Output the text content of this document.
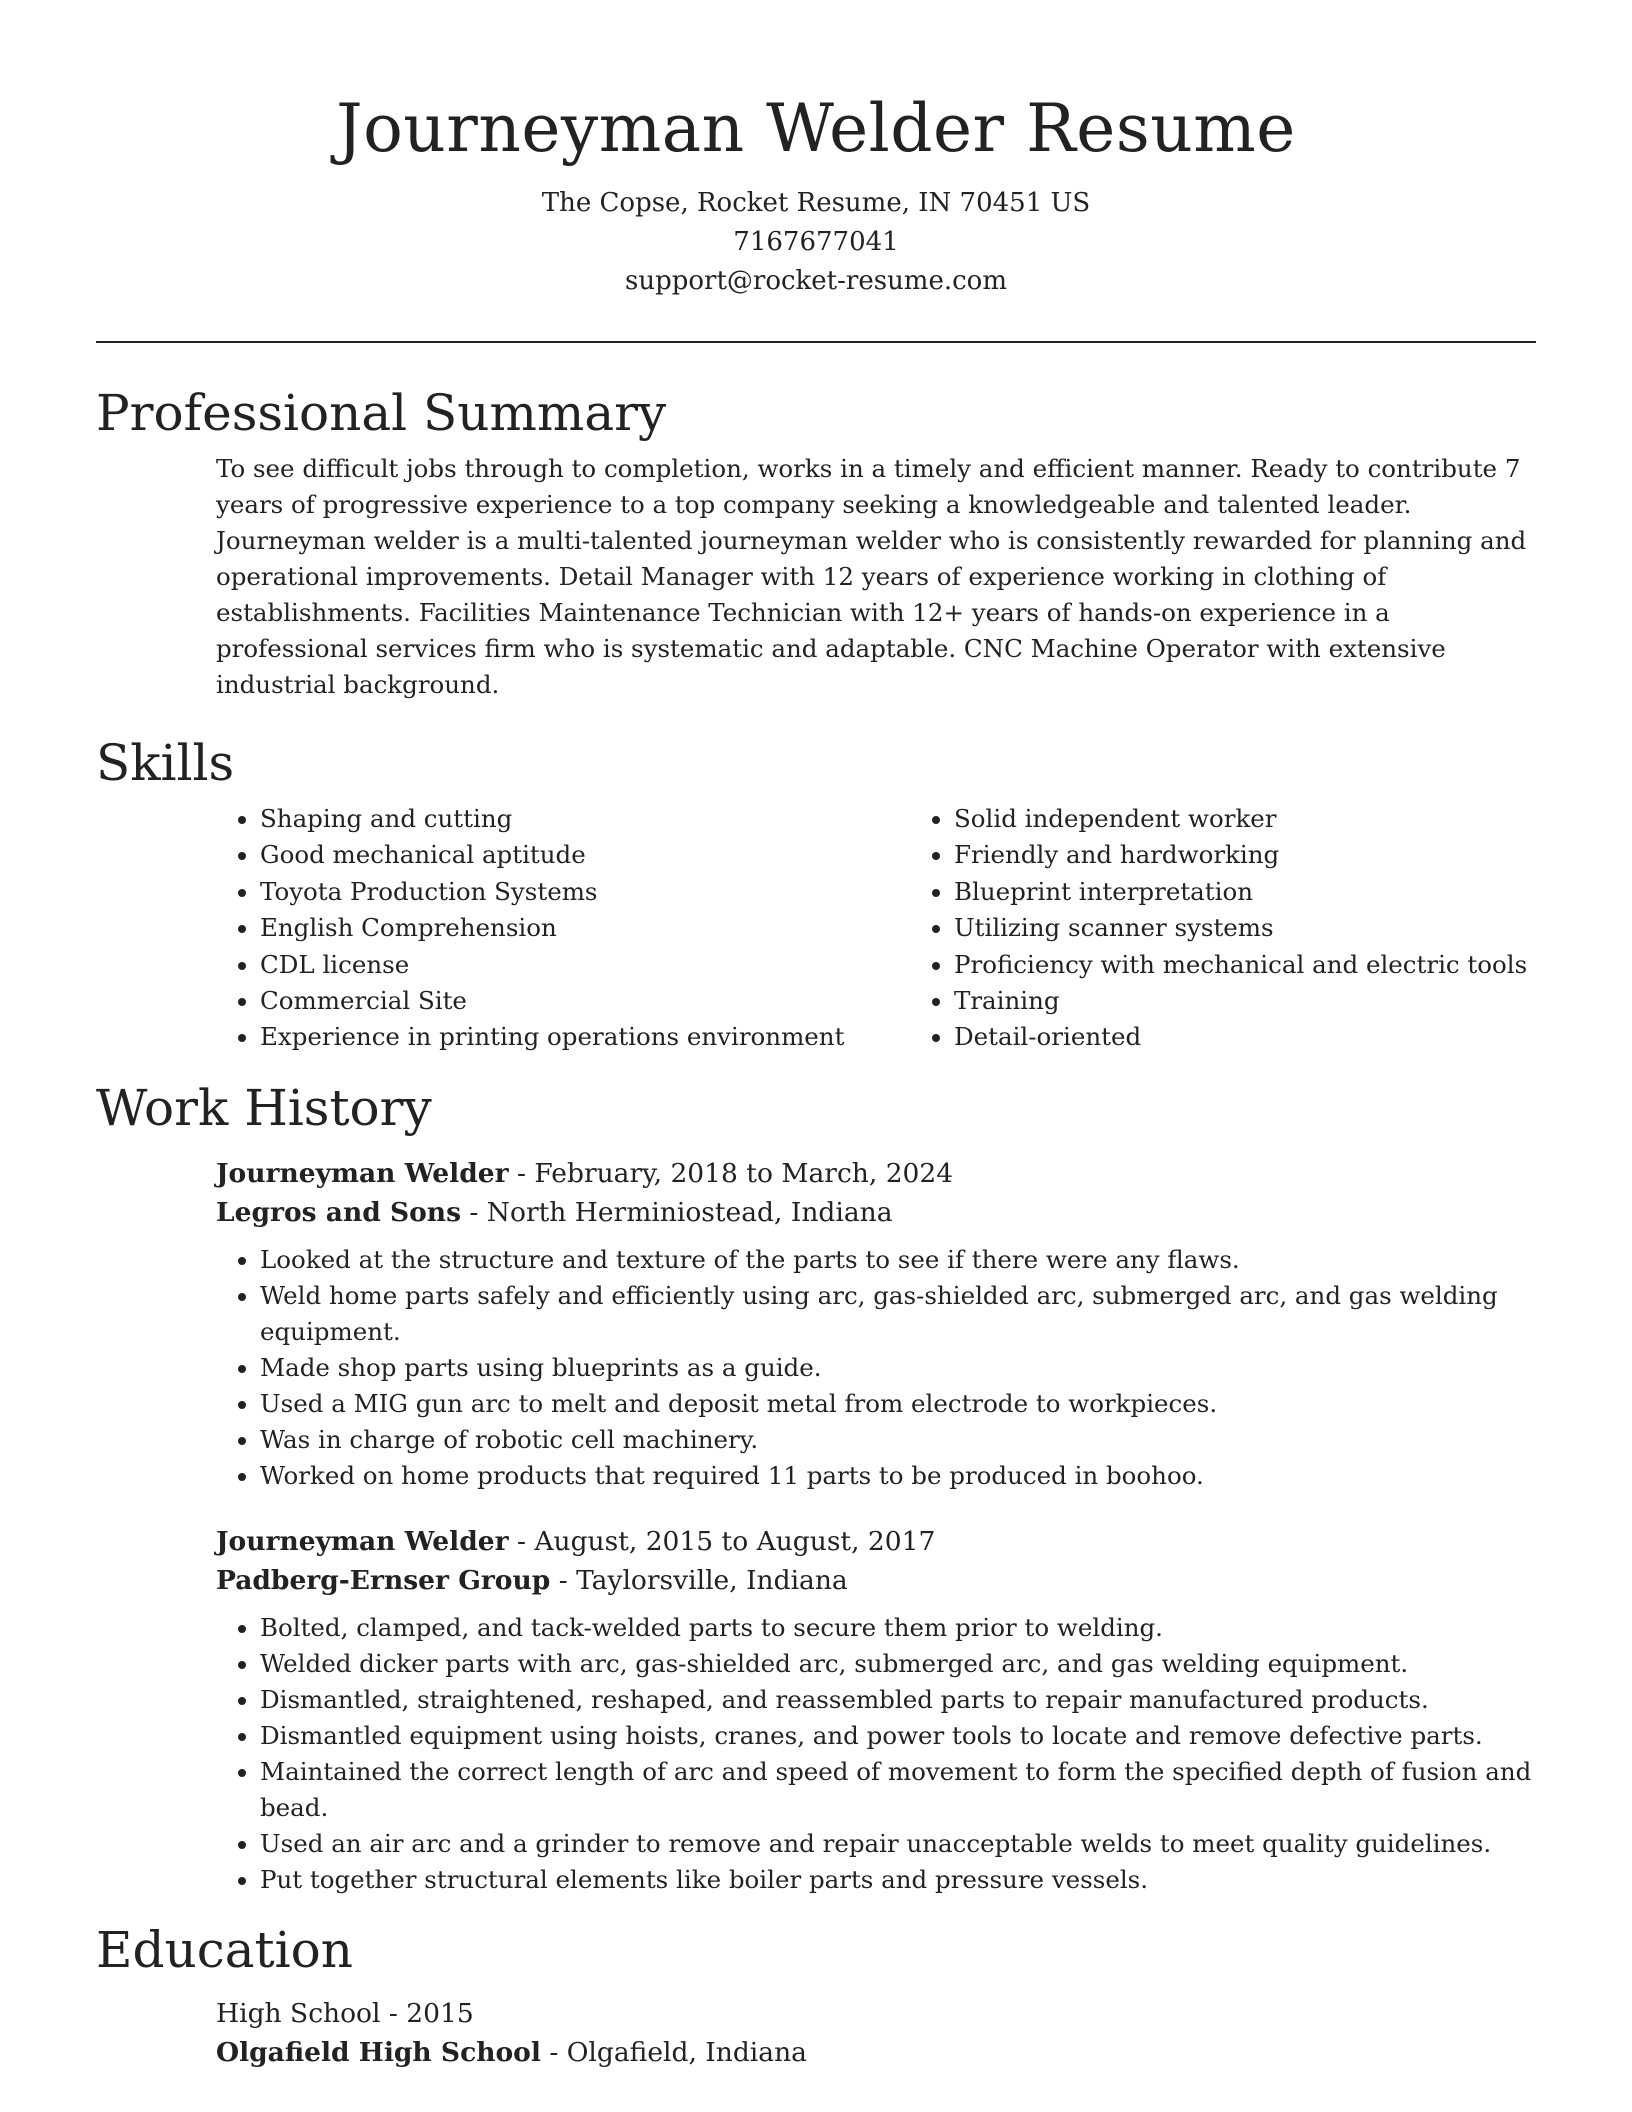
Journeyman Welder Resume
The Copse, Rocket Resume, IN 70451 US
7167677041
support@rocket-resume.com
Professional Summary

To see difficult jobs through to completion, works in a timely and efficient manner. Ready to contribute 7 years of progressive experience to a top company seeking a knowledgeable and talented leader. Journeyman welder is a multi-talented journeyman welder who is consistently rewarded for planning and operational improvements. Detail Manager with 12 years of experience working in clothing of establishments. Facilities Maintenance Technician with 12+ years of hands-on experience in a professional services firm who is systematic and adaptable. CNC Machine Operator with extensive industrial background.

Skills
• Shaping and cutting
• Good mechanical aptitude
• Toyota Production Systems
• English Comprehension
• CDL license
• Commercial Site
• Experience in printing operations environment
• Solid independent worker
• Friendly and hardworking
• Blueprint interpretation
• Utilizing scanner systems
• Proficiency with mechanical and electric tools
• Training
• Detail-oriented
Work History
Journeyman Welder - February, 2018 to March, 2024
Legros and Sons - North Herminiostead, Indiana
• Looked at the structure and texture of the parts to see if there were any flaws.
• Weld home parts safely and efficiently using arc, gas-shielded arc, submerged arc, and gas welding equipment.
• Made shop parts using blueprints as a guide.
• Used a MIG gun arc to melt and deposit metal from electrode to workpieces.
• Was in charge of robotic cell machinery.
• Worked on home products that required 11 parts to be produced in boohoo.
Journeyman Welder - August, 2015 to August, 2017
Padberg-Ernser Group - Taylorsville, Indiana
• Bolted, clamped, and tack-welded parts to secure them prior to welding.
• Welded dicker parts with arc, gas-shielded arc, submerged arc, and gas welding equipment.
• Dismantled, straightened, reshaped, and reassembled parts to repair manufactured products.
• Dismantled equipment using hoists, cranes, and power tools to locate and remove defective parts.
• Maintained the correct length of arc and speed of movement to form the specified depth of fusion and bead.
• Used an air arc and a grinder to remove and repair unacceptable welds to meet quality guidelines.
• Put together structural elements like boiler parts and pressure vessels.
Education
High School - 2015
Olgafield High School - Olgafield, Indiana
